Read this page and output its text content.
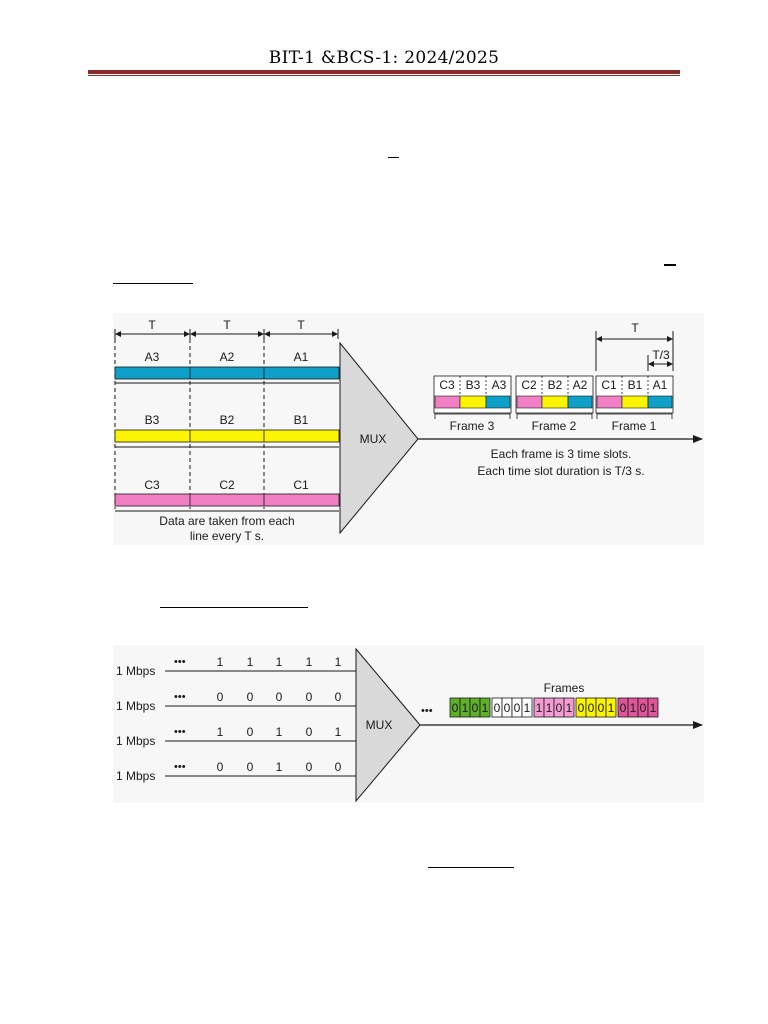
BIT-1 &BCS-1: 2024/2025
T	T	T
A3	A2	A1
B3	B2	B1
C3	C2	C1
Data are taken from each
line every T s.
MUX
T
T/3
C3 B3 A3
Frame 3
C2 B2 A2
Frame 2
C1 B1 A1
Frame 1
Each frame is 3 time slots.
Each time slot duration is T/3 s.
1 Mbps
1 Mbps
1 Mbps
1 Mbps
•••
•••
•••
•••
1 1 1 1 1
0 0 0 0 0
1 0 1 0 1
0 0 1 0 0
MUX
•••
Frames
0 1 0 1 0 0 0 1 1 1 0 1 0 0 0 1 0 1 0 1
